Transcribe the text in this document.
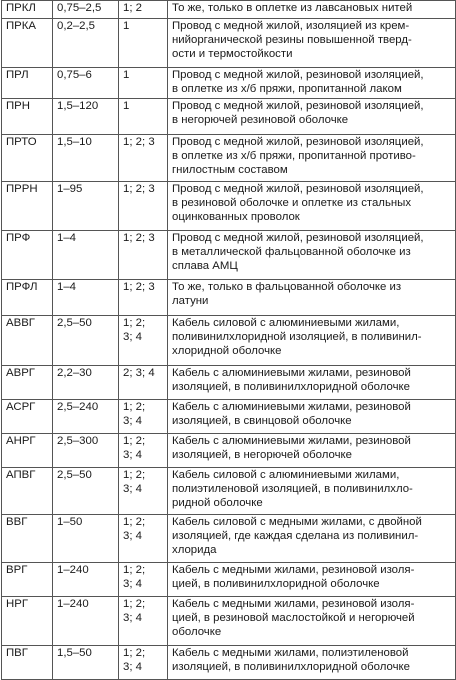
ПРКЛ	0,75–2,5	1; 2	То же, только в оплетке из лавсановых нитей
ПРКА	0,2–2,5	1	Провод с медной жилой, изоляцией из крем-
нийорганической резины повышенной тверд-
ости и термостойкости
ПРЛ	0,75–6	1	Провод с медной жилой, резиновой изоляцией,
в оплетке из х/б пряжи, пропитанной лаком
ПРН	1,5–120	1	Провод с медной жилой, резиновой изоляцией,
в негорючей резиновой оболочке
ПРТО	1,5–10	1; 2; 3	Провод с медной жилой, резиновой изоляцией,
в оплетке из х/б пряжи, пропитанной противо-
гнилостным составом
ПРРН	1–95	1; 2; 3	Провод с медной жилой, резиновой изоляцией,
в резиновой оболочке и оплетке из стальных
оцинкованных проволок
ПРФ	1–4	1; 2; 3	Провод с медной жилой, резиновой изоляцией,
в металлической фальцованной оболочке из
сплава АМЦ
ПРФЛ	1–4	1; 2; 3	То же, только в фальцованной оболочке из
латуни
АВВГ	2,5–50	1; 2;
3; 4	Кабель силовой с алюминиевыми жилами,
поливинилхлоридной изоляцией, в поливинил-
хлоридной оболочке
АВРГ	2,2–30	2; 3; 4	Кабель с алюминиевыми жилами, резиновой
изоляцией, в поливинилхлоридной оболочке
АСРГ	2,5–240	1; 2;
3; 4	Кабель с алюминиевыми жилами, резиновой
изоляцией, в свинцовой оболочке
АНРГ	2,5–300	1; 2;
3; 4	Кабель с алюминиевыми жилами, резиновой
изоляцией, в негорючей оболочке
АПВГ	2,5–50	1; 2;
3; 4	Кабель силовой с алюминиевыми жилами,
полиэтиленовой изоляцией, в поливинилхло-
ридной оболочке
ВВГ	1–50	1; 2;
3; 4	Кабель силовой с медными жилами, с двойной
изоляцией, где каждая сделана из поливинил-
хлорида
ВРГ	1–240	1; 2;
3; 4	Кабель с медными жилами, резиновой изоля-
цией, в поливинилхлоридной оболочке
НРГ	1–240	1; 2;
3; 4	Кабель с медными жилами, резиновой изоля-
цией, в резиновой маслостойкой и негорючей
оболочке
ПВГ	1,5–50	1; 2;
3; 4	Кабель с медными жилами, полиэтиленовой
изоляцией, в поливинилхлоридной оболочке
